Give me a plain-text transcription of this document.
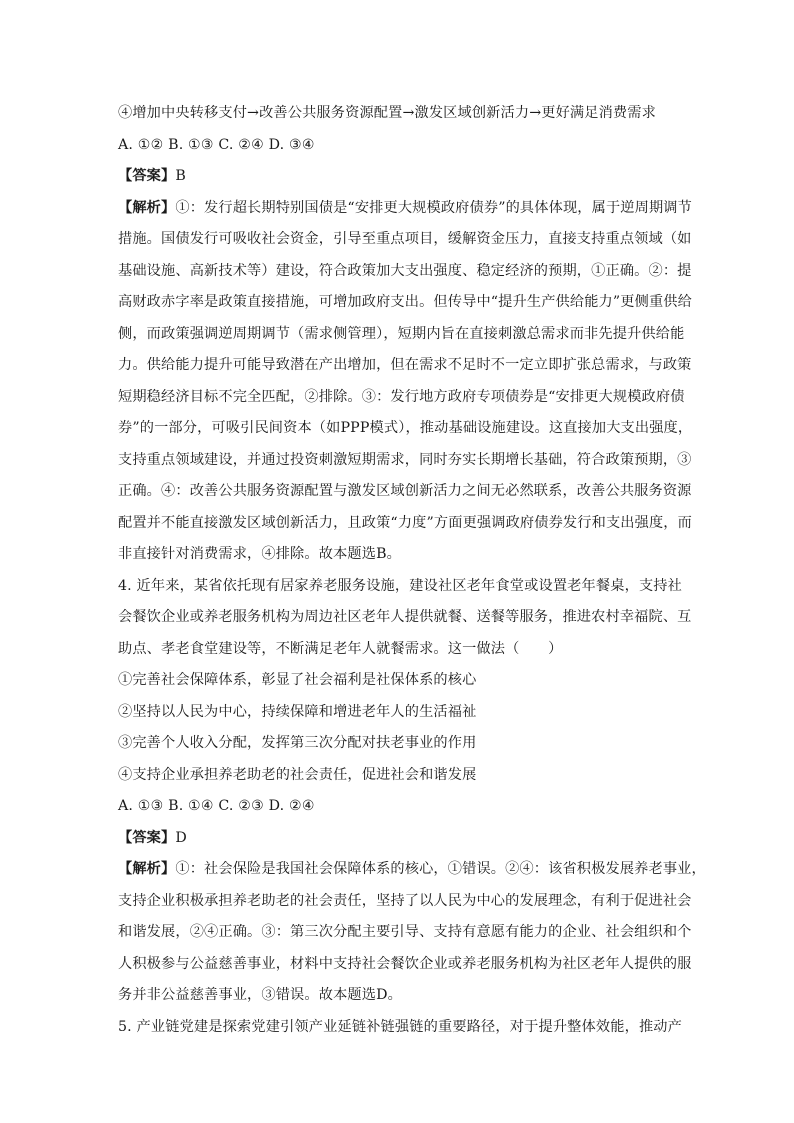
④增加中央转移支付→改善公共服务资源配置→激发区域创新活力→更好满足消费需求
A. ①② B. ①③ C. ②④ D. ③④
【答案】B
【解析】①：发行超长期特别国债是“安排更大规模政府债券”的具体体现，属于逆周期调节
措施。国债发行可吸收社会资金，引导至重点项目，缓解资金压力，直接支持重点领域（如
基础设施、高新技术等）建设，符合政策加大支出强度、稳定经济的预期，①正确。②：提
高财政赤字率是政策直接措施，可增加政府支出。但传导中“提升生产供给能力”更侧重供给
侧，而政策强调逆周期调节（需求侧管理），短期内旨在直接刺激总需求而非先提升供给能
力。供给能力提升可能导致潜在产出增加，但在需求不足时不一定立即扩张总需求，与政策
短期稳经济目标不完全匹配，②排除。③：发行地方政府专项债券是“安排更大规模政府债
券”的一部分，可吸引民间资本（如PPP模式），推动基础设施建设。这直接加大支出强度，
支持重点领域建设，并通过投资刺激短期需求，同时夯实长期增长基础，符合政策预期，③
正确。④：改善公共服务资源配置与激发区域创新活力之间无必然联系，改善公共服务资源
配置并不能直接激发区域创新活力，且政策“力度”方面更强调政府债券发行和支出强度，而
非直接针对消费需求，④排除。故本题选B。
4. 近年来，某省依托现有居家养老服务设施，建设社区老年食堂或设置老年餐桌，支持社
会餐饮企业或养老服务机构为周边社区老年人提供就餐、送餐等服务，推进农村幸福院、互
助点、孝老食堂建设等，不断满足老年人就餐需求。这一做法（　　）
①完善社会保障体系，彰显了社会福利是社保体系的核心
②坚持以人民为中心，持续保障和增进老年人的生活福祉
③完善个人收入分配，发挥第三次分配对扶老事业的作用
④支持企业承担养老助老的社会责任，促进社会和谐发展
A. ①③ B. ①④ C. ②③ D. ②④
【答案】D
【解析】①：社会保险是我国社会保障体系的核心，①错误。②④：该省积极发展养老事业，
支持企业积极承担养老助老的社会责任，坚持了以人民为中心的发展理念，有利于促进社会
和谐发展，②④正确。③：第三次分配主要引导、支持有意愿有能力的企业、社会组织和个
人积极参与公益慈善事业，材料中支持社会餐饮企业或养老服务机构为社区老年人提供的服
务并非公益慈善事业，③错误。故本题选D。
5. 产业链党建是探索党建引领产业延链补链强链的重要路径，对于提升整体效能，推动产
